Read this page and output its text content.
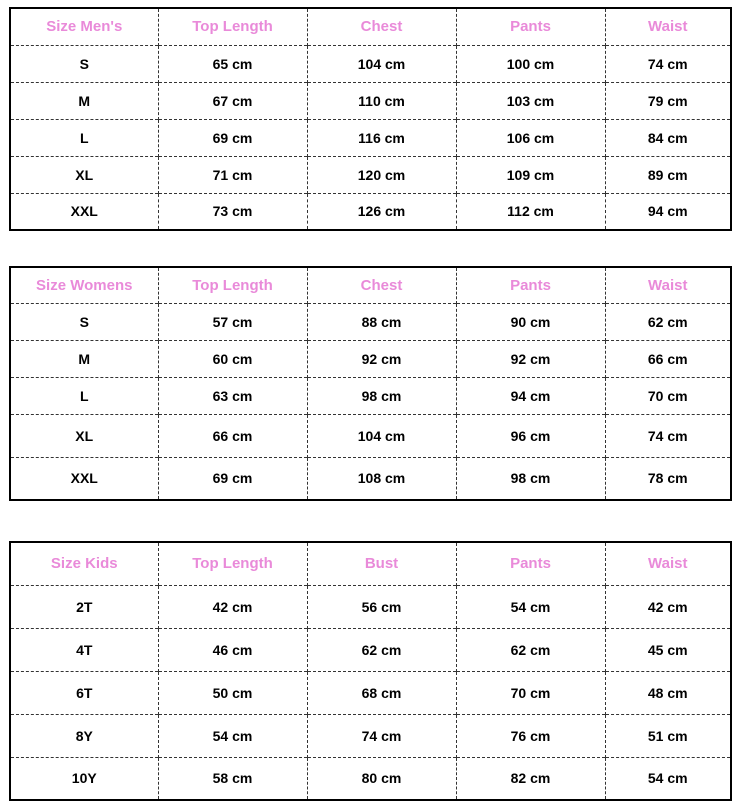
Size Men's	Top Length	Chest	Pants	Waist
S	65 cm	104 cm	100 cm	74 cm
M	67 cm	110 cm	103 cm	79 cm
L	69 cm	116 cm	106 cm	84 cm
XL	71 cm	120 cm	109 cm	89 cm
XXL	73 cm	126 cm	112 cm	94 cm
Size Womens	Top Length	Chest	Pants	Waist
S	57 cm	88 cm	90 cm	62 cm
M	60 cm	92 cm	92 cm	66 cm
L	63 cm	98 cm	94 cm	70 cm
XL	66 cm	104 cm	96 cm	74 cm
XXL	69 cm	108 cm	98 cm	78 cm
Size Kids	Top Length	Bust	Pants	Waist
2T	42 cm	56 cm	54 cm	42 cm
4T	46 cm	62 cm	62 cm	45 cm
6T	50 cm	68 cm	70 cm	48 cm
8Y	54 cm	74 cm	76 cm	51 cm
10Y	58 cm	80 cm	82 cm	54 cm
